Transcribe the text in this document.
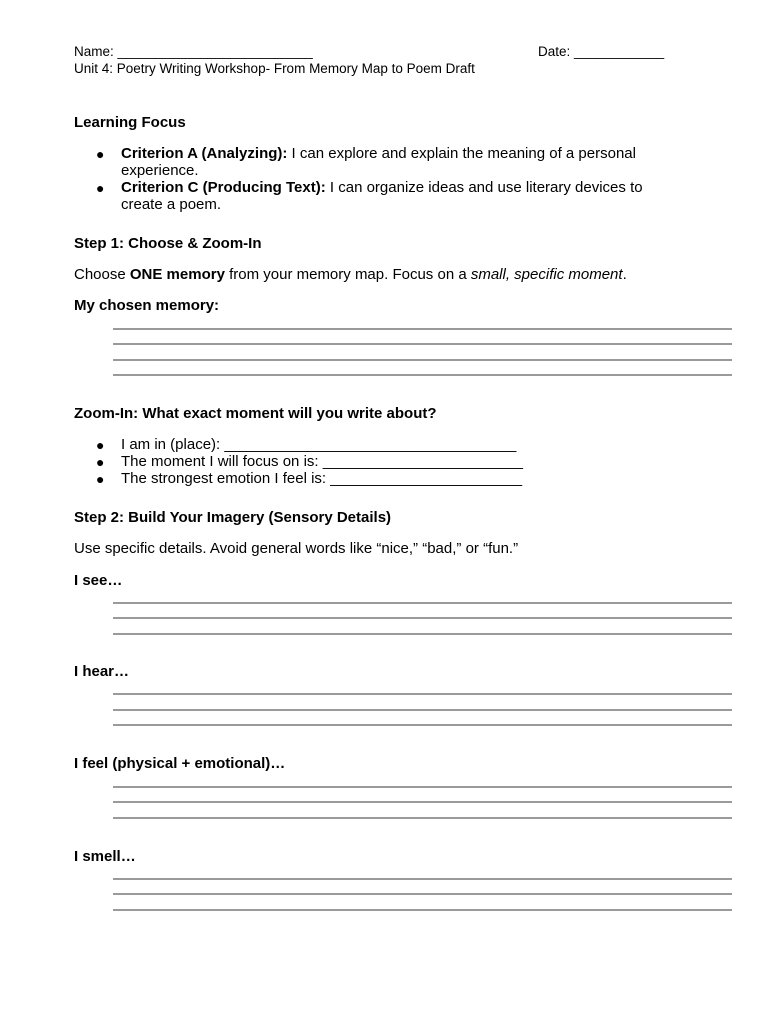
Name: __________________________	Date: ____________
Unit 4: Poetry Writing Workshop- From Memory Map to Poem Draft
Learning Focus
● Criterion A (Analyzing): I can explore and explain the meaning of a personal
experience.
● Criterion C (Producing Text): I can organize ideas and use literary devices to
create a poem.
Step 1: Choose & Zoom-In
Choose ONE memory from your memory map. Focus on a small, specific moment.
My chosen memory:
Zoom-In: What exact moment will you write about?
● I am in (place): ___________________________________
● The moment I will focus on is: ________________________
● The strongest emotion I feel is: _______________________
Step 2: Build Your Imagery (Sensory Details)
Use specific details. Avoid general words like “nice,” “bad,” or “fun.”
I see…
I hear…
I feel (physical + emotional)…
I smell…
